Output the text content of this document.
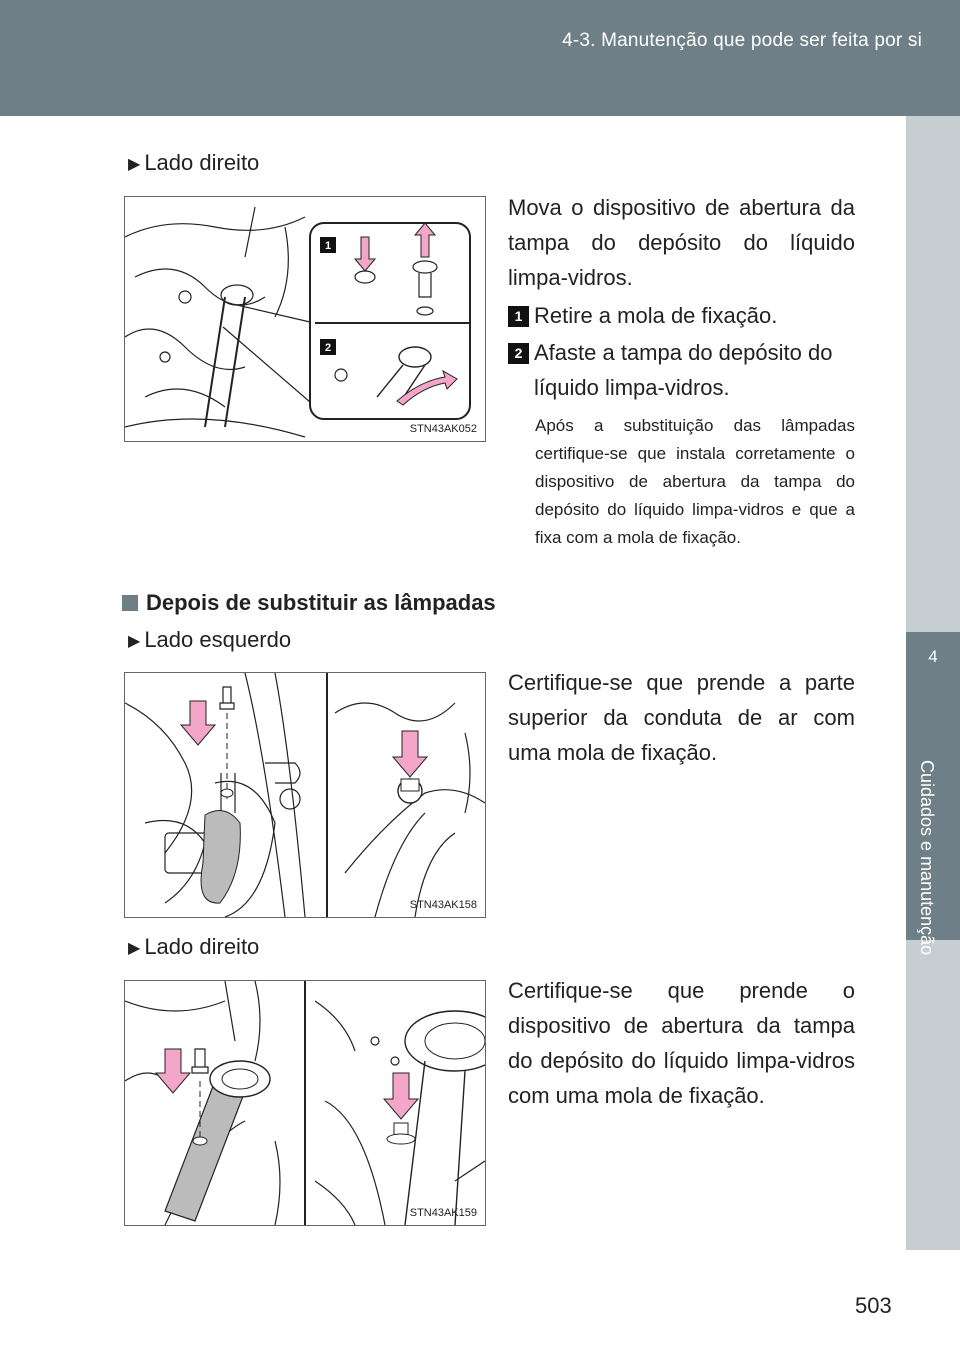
4-3. Manutenção que pode ser feita por si
4
Cuidados e manutenção
▶ Lado direito
1
2
STN43AK052
Mova o dispositivo de abertura da tampa do depósito do líquido limpa-vidros.
1 Retire a mola de fixação.
2 Afaste a tampa do depósito do
líquido limpa-vidros.
Após a substituição das lâmpadas certifique-se que instala corretamente o dispositivo de abertura da tampa do depósito do líquido limpa-vidros e que a fixa com a mola de fixação.
Depois de substituir as lâmpadas
▶ Lado esquerdo
STN43AK158
Certifique-se que prende a parte superior da conduta de ar com uma mola de fixação.
▶ Lado direito
STN43AK159
Certifique-se que prende o dispositivo de abertura da tampa do depósito do líquido limpa-vidros com uma mola de fixação.
503
